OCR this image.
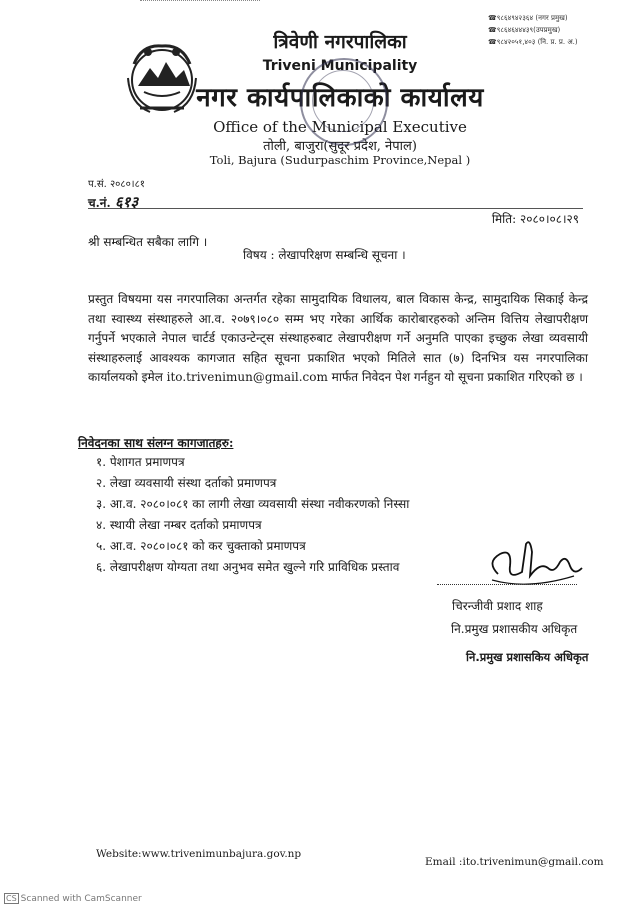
त्रिवेणी नगरपालिका
Triveni Municipality
नगर कार्यपालिकाको कार्यालय
Office of the Municipal Executive
तोली, बाजुरा(सुदूर प्रदेश, नेपाल)
Toli, Bajura (Sudurpaschim Province,Nepal )
☎९८६४९४२३६४ (नगर प्रमुख)
☎९८६४६४४४३९(उपप्रमुख)
☎९८४२०५१,४०३ (नि. प्र. प्र. अ.)
प.सं. २०८०।८१
च.नं. ६१३
मिति: २०८०।०८।२९
श्री सम्बन्धित सबैका लागि ।
विषय : लेखापरिक्षण सम्बन्धि सूचना ।
प्रस्तुत विषयमा यस नगरपालिका अन्तर्गत रहेका सामुदायिक विधालय, बाल विकास केन्द्र, सामुदायिक सिकाई केन्द्र तथा स्वास्थ्य संस्थाहरुले आ.व. २०७९।०८० सम्म भए गरेका आर्थिक कारोबारहरुको अन्तिम वित्तिय लेखापरीक्षण गर्नुपर्ने भएकाले नेपाल चार्टर्ड एकाउन्टेन्ट्स संस्थाहरुबाट लेखापरीक्षण गर्ने अनुमति पाएका इच्छुक लेखा व्यवसायी संस्थाहरुलाई आवश्यक कागजात सहित सूचना प्रकाशित भएको मितिले सात (७) दिनभित्र यस नगरपालिका कार्यालयको इमेल ito.trivenimun@gmail.com मार्फत निवेदन पेश गर्नहुन यो सूचना प्रकाशित गरिएको छ ।
निवेदनका साथ संलग्न कागजातहरु:
१. पेशागत प्रमाणपत्र
२. लेखा व्यवसायी संस्था दर्ताको प्रमाणपत्र
३. आ.व. २०८०।०८१ का लागी लेखा व्यवसायी संस्था नवीकरणको निस्सा
४. स्थायी लेखा नम्बर दर्ताको प्रमाणपत्र
५. आ.व. २०८०।०८१ को कर चुक्ताको प्रमाणपत्र
६. लेखापरीक्षण योग्यता तथा अनुभव समेत खुल्ने गरि प्राविधिक प्रस्ताव
चिरन्जीवी प्रशाद शाह
नि.प्रमुख प्रशासकीय अधिकृत
नि.प्रमुख प्रशासकिय अधिकृत
Website:www.trivenimunbajura.gov.np
Email :ito.trivenimun@gmail.com
CS Scanned with CamScanner
